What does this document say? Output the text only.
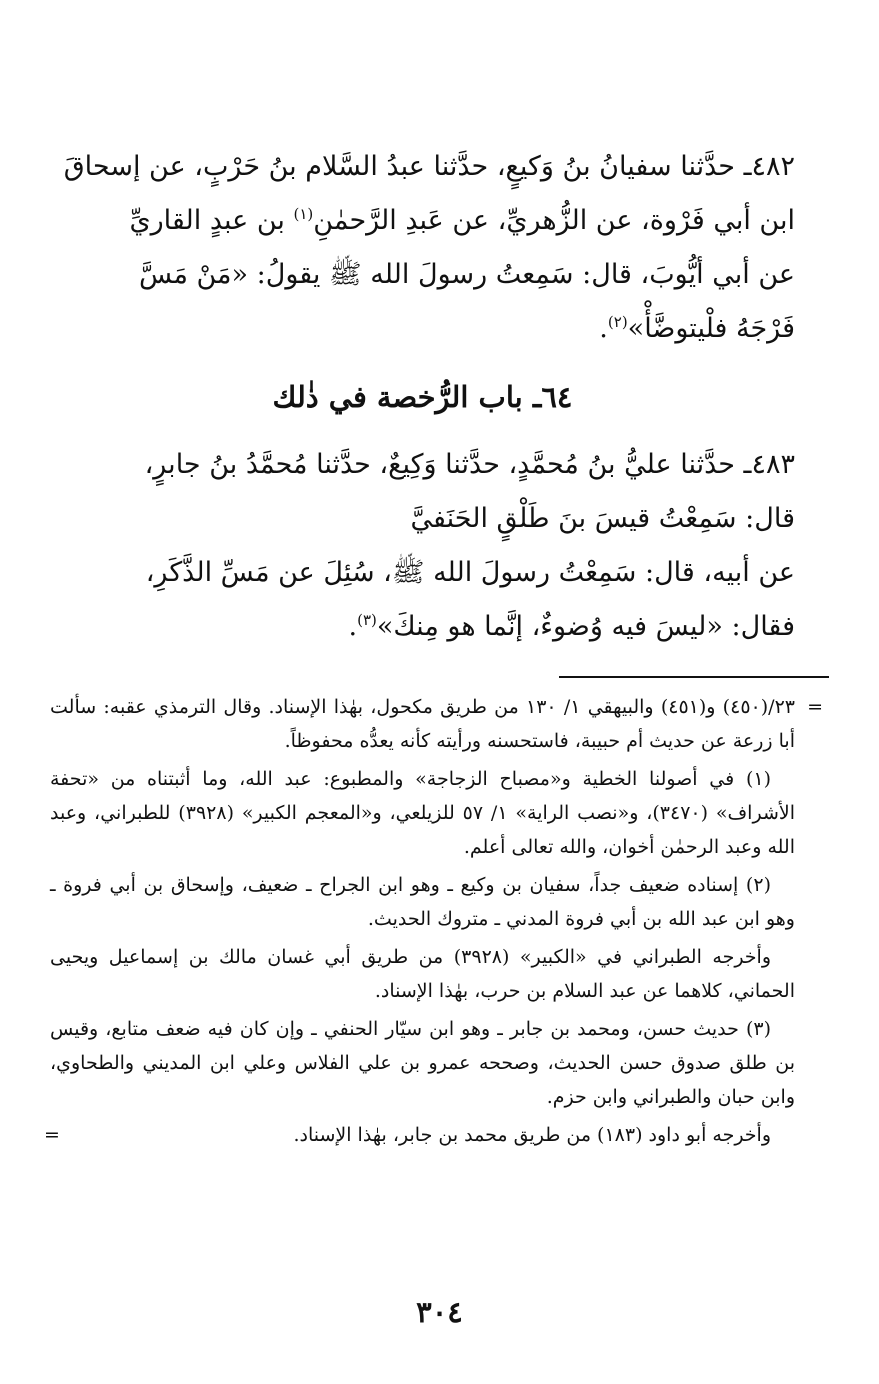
٤٨٢ـ حدَّثنا سفيانُ بنُ وَكيعٍ، حدَّثنا عبدُ السَّلام بنُ حَرْبٍ، عن إسحاقَ
ابن أبي فَرْوة، عن الزُّهريِّ، عن عَبدِ الرَّحمٰنِ$^{(١)}$ بن عبدٍ القاريِّ
عن أبي أيُّوبَ، قال: سَمِعتُ رسولَ الله ﷺ يقولُ: «مَنْ مَسَّ
فَرْجَهُ فلْيتوضَّأْ»$^{(٢)}$.

٦٤ـ باب الرُّخصة في ذٰلك

٤٨٣ـ حدَّثنا عليُّ بنُ مُحمَّدٍ، حدَّثنا وَكِيعٌ، حدَّثنا مُحمَّدُ بنُ جابرٍ،
قال: سَمِعْتُ قيسَ بنَ طَلْقٍ الحَنَفيَّ
عن أبيه، قال: سَمِعْتُ رسولَ الله ﷺ، سُئِلَ عن مَسِّ الذَّكَرِ،
فقال: «ليسَ فيه وُضوءٌ، إنَّما هو مِنكَ»$^{(٣)}$.

=

٢٣/(٤٥٠) و(٤٥١) والبيهقي ١/ ١٣٠ من طريق مكحول، بهٰذا الإسناد. وقال الترمذي عقبه: سألت أبا زرعة عن حديث أم حبيبة، فاستحسنه ورأيته كأنه يعدُّه محفوظاً.

(١) في أصولنا الخطية و«مصباح الزجاجة» والمطبوع: عبد الله، وما أثبتناه من «تحفة الأشراف» (٣٤٧٠)، و«نصب الراية» ١/ ٥٧ للزيلعي، و«المعجم الكبير» (٣٩٢٨) للطبراني، وعبد الله وعبد الرحمٰن أخوان، والله تعالى أعلم.

(٢) إسناده ضعيف جداً، سفيان بن وكيع ـ وهو ابن الجراح ـ ضعيف، وإسحاق بن أبي فروة ـ وهو ابن عبد الله بن أبي فروة المدني ـ متروك الحديث.

وأخرجه الطبراني في «الكبير» (٣٩٢٨) من طريق أبي غسان مالك بن إسماعيل ويحيى الحماني، كلاهما عن عبد السلام بن حرب، بهٰذا الإسناد.

(٣) حديث حسن، ومحمد بن جابر ـ وهو ابن سيّار الحنفي ـ وإن كان فيه ضعف متابع، وقيس بن طلق صدوق حسن الحديث، وصححه عمرو بن علي الفلاس وعلي ابن المديني والطحاوي، وابن حبان والطبراني وابن حزم.

وأخرجه أبو داود (١٨٣) من طريق محمد بن جابر، بهٰذا الإسناد.

=
٣٠٤
